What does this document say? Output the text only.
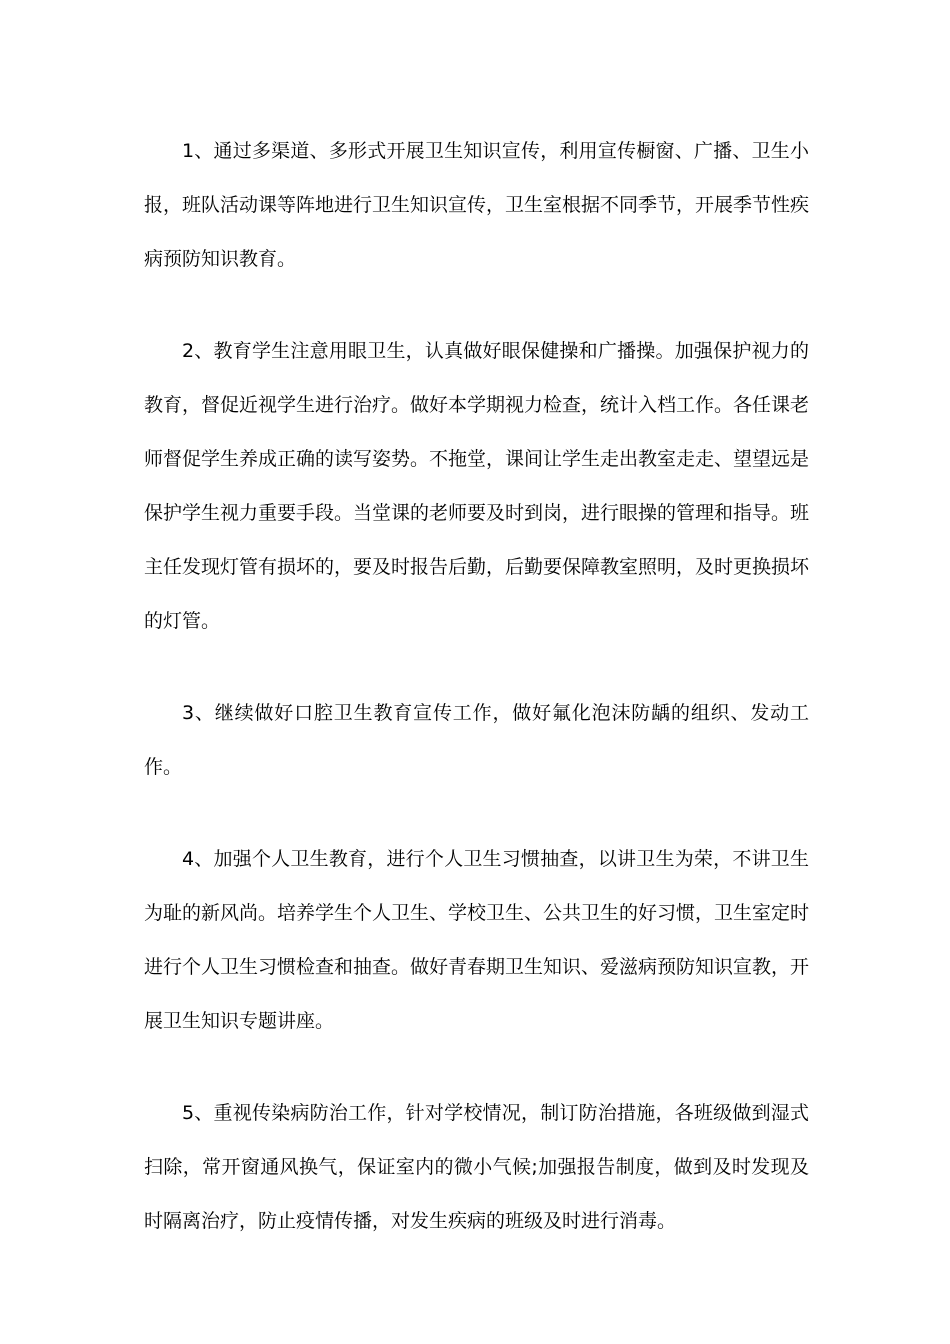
1、通过多渠道、多形式开展卫生知识宣传，利用宣传橱窗、广播、卫生小报，班队活动课等阵地进行卫生知识宣传，卫生室根据不同季节，开展季节性疾病预防知识教育。

2、教育学生注意用眼卫生，认真做好眼保健操和广播操。加强保护视力的教育，督促近视学生进行治疗。做好本学期视力检查，统计入档工作。各任课老师督促学生养成正确的读写姿势。不拖堂，课间让学生走出教室走走、望望远是保护学生视力重要手段。当堂课的老师要及时到岗，进行眼操的管理和指导。班主任发现灯管有损坏的，要及时报告后勤，后勤要保障教室照明，及时更换损坏的灯管。

3、继续做好口腔卫生教育宣传工作，做好氟化泡沫防龋的组织、发动工作。

4、加强个人卫生教育，进行个人卫生习惯抽查，以讲卫生为荣，不讲卫生为耻的新风尚。培养学生个人卫生、学校卫生、公共卫生的好习惯，卫生室定时进行个人卫生习惯检查和抽查。做好青春期卫生知识、爱滋病预防知识宣教，开展卫生知识专题讲座。

5、重视传染病防治工作，针对学校情况，制订防治措施，各班级做到湿式扫除，常开窗通风换气，保证室内的微小气候;加强报告制度，做到及时发现及时隔离治疗，防止疫情传播，对发生疾病的班级及时进行消毒。
